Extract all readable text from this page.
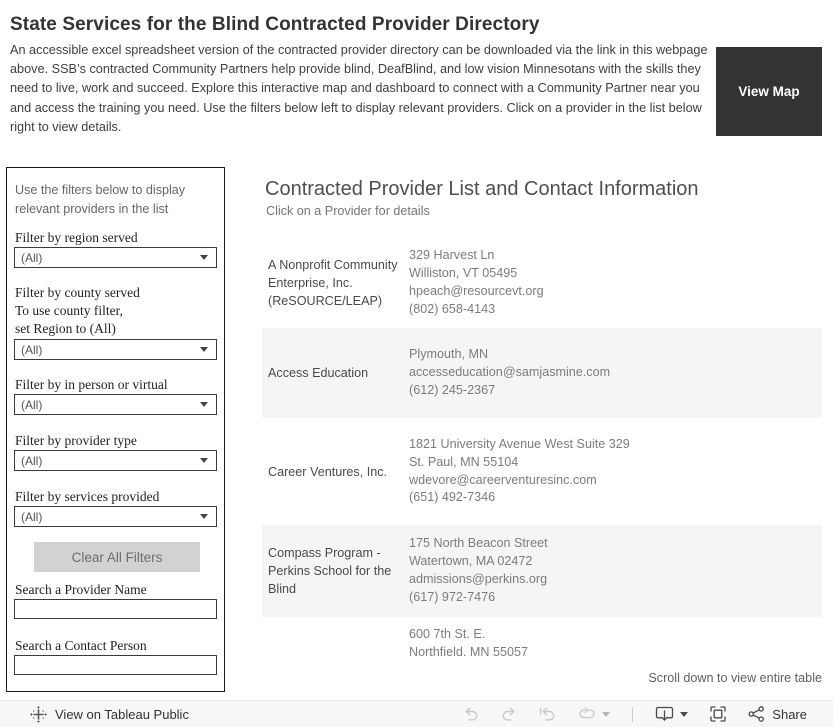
State Services for the Blind Contracted Provider Directory
An accessible excel spreadsheet version of the contracted provider directory can be downloaded via the link in this webpage above. SSB’s contracted Community Partners help provide blind, DeafBlind, and low vision Minnesotans with the skills they need to live, work and succeed. Explore this interactive map and dashboard to connect with a Community Partner near you and access the training you need. Use the filters below left to display relevant providers. Click on a provider in the list below right to view details.
View Map
Use the filters below to display relevant providers in the list
Filter by region served
(All)
Filter by county served
To use county filter,
set Region to (All)
(All)
Filter by in person or virtual
(All)
Filter by provider type
(All)
Filter by services provided
(All)
Clear All Filters
Search a Provider Name
Search a Contact Person
Contracted Provider List and Contact Information
Click on a Provider for details
A Nonprofit Community Enterprise, Inc. (ReSOURCE/LEAP)
329 Harvest Ln
Williston, VT 05495
hpeach@resourcevt.org
(802) 658-4143
Access Education
Plymouth, MN
accesseducation@samjasmine.com
(612) 245-2367
Career Ventures, Inc.
1821 University Avenue West Suite 329
St. Paul, MN 55104
wdevore@careerventuresinc.com
(651) 492-7346
Compass Program - Perkins School for the Blind
175 North Beacon Street
Watertown, MA 02472
admissions@perkins.org
(617) 972-7476
600 7th St. E.
Northfield. MN 55057
Scroll down to view entire table
View on Tableau Public	Share
